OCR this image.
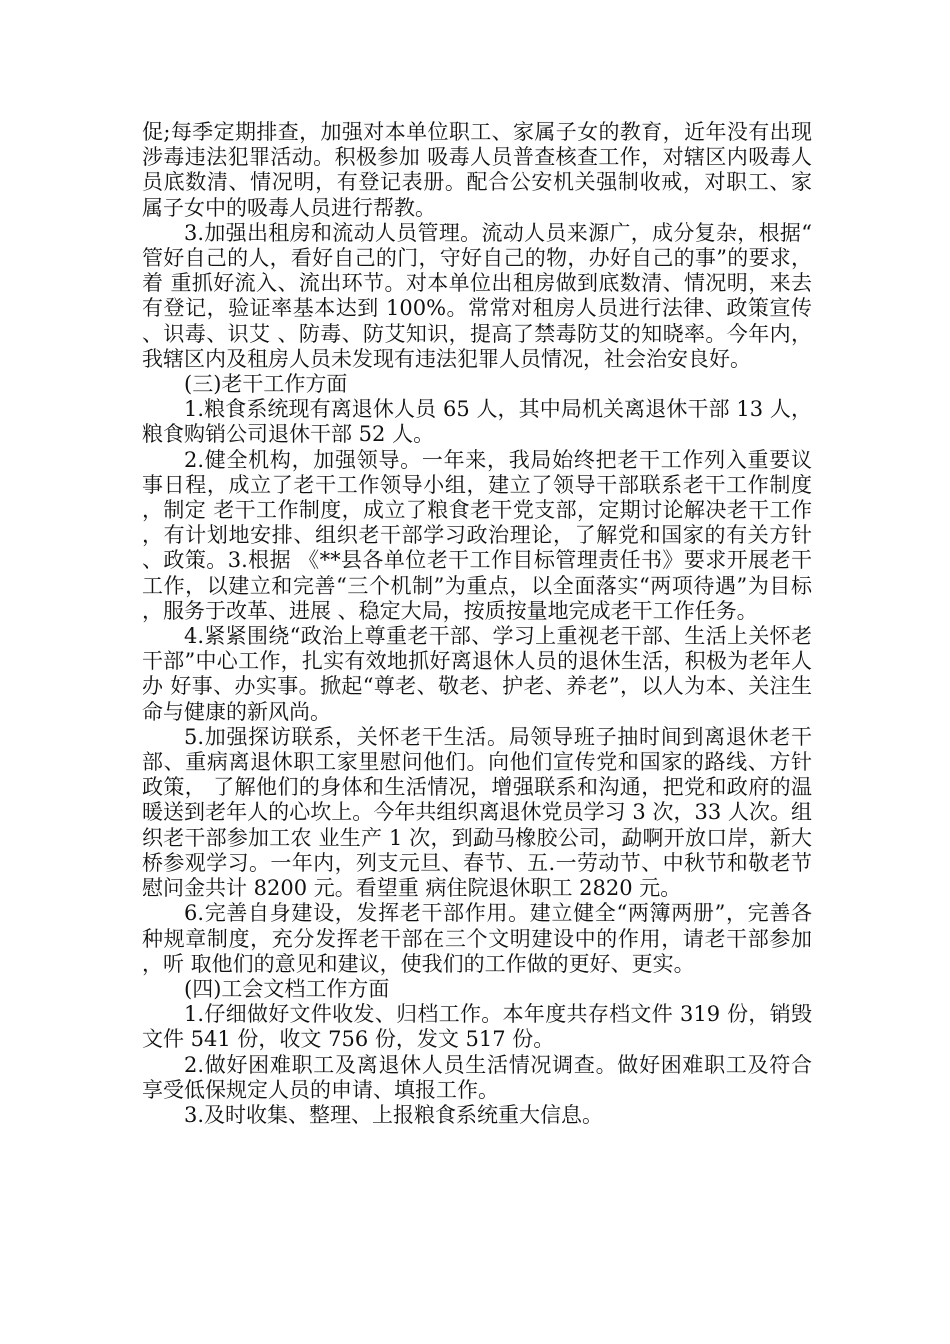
促;每季定期排查，加强对本单位职工、家属子女的教育，近年没有出现涉毒违法犯罪活动。积极参加 吸毒人员普查核查工作，对辖区内吸毒人员底数清、情况明，有登记表册。配合公安机关强制收戒，对职工、家属子女中的吸毒人员进行帮教。

3.加强出租房和流动人员管理。流动人员来源广，成分复杂，根据“管好自己的人，看好自己的门，守好自己的物，办好自己的事”的要求，着 重抓好流入、流出环节。对本单位出租房做到底数清、情况明，来去有登记，验证率基本达到 100%。常常对租房人员进行法律、政策宣传、识毒、识艾 、防毒、防艾知识，提高了禁毒防艾的知晓率。今年内，我辖区内及租房人员未发现有违法犯罪人员情况，社会治安良好。

(三)老干工作方面

1.粮食系统现有离退休人员 65 人，其中局机关离退休干部 13 人，粮食购销公司退休干部 52 人。

2.健全机构，加强领导。一年来，我局始终把老干工作列入重要议事日程，成立了老干工作领导小组，建立了领导干部联系老干工作制度，制定 老干工作制度，成立了粮食老干党支部，定期讨论解决老干工作，有计划地安排、组织老干部学习政治理论，了解党和国家的有关方针、政策。3.根据 《**县各单位老干工作目标管理责任书》要求开展老干工作，以建立和完善“三个机制”为重点，以全面落实“两项待遇”为目标，服务于改革、进展 、稳定大局，按质按量地完成老干工作任务。

4.紧紧围绕“政治上尊重老干部、学习上重视老干部、生活上关怀老干部”中心工作，扎实有效地抓好离退休人员的退休生活，积极为老年人办 好事、办实事。掀起“尊老、敬老、护老、养老”，以人为本、关注生命与健康的新风尚。

5.加强探访联系，关怀老干生活。局领导班子抽时间到离退休老干部、重病离退休职工家里慰问他们。向他们宣传党和国家的路线、方针政策， 了解他们的身体和生活情况，增强联系和沟通，把党和政府的温暖送到老年人的心坎上。今年共组织离退休党员学习 3 次，33 人次。组织老干部参加工农 业生产 1 次，到勐马橡胶公司，勐啊开放口岸，新大桥参观学习。一年内，列支元旦、春节、五.一劳动节、中秋节和敬老节慰问金共计 8200 元。看望重 病住院退休职工 2820 元。

6.完善自身建设，发挥老干部作用。建立健全“两簿两册”，完善各种规章制度，充分发挥老干部在三个文明建设中的作用，请老干部参加，听 取他们的意见和建议，使我们的工作做的更好、更实。

(四)工会文档工作方面

1.仔细做好文件收发、归档工作。本年度共存档文件 319 份，销毁文件 541 份，收文 756 份，发文 517 份。

2.做好困难职工及离退休人员生活情况调查。做好困难职工及符合享受低保规定人员的申请、填报工作。

3.及时收集、整理、上报粮食系统重大信息。
